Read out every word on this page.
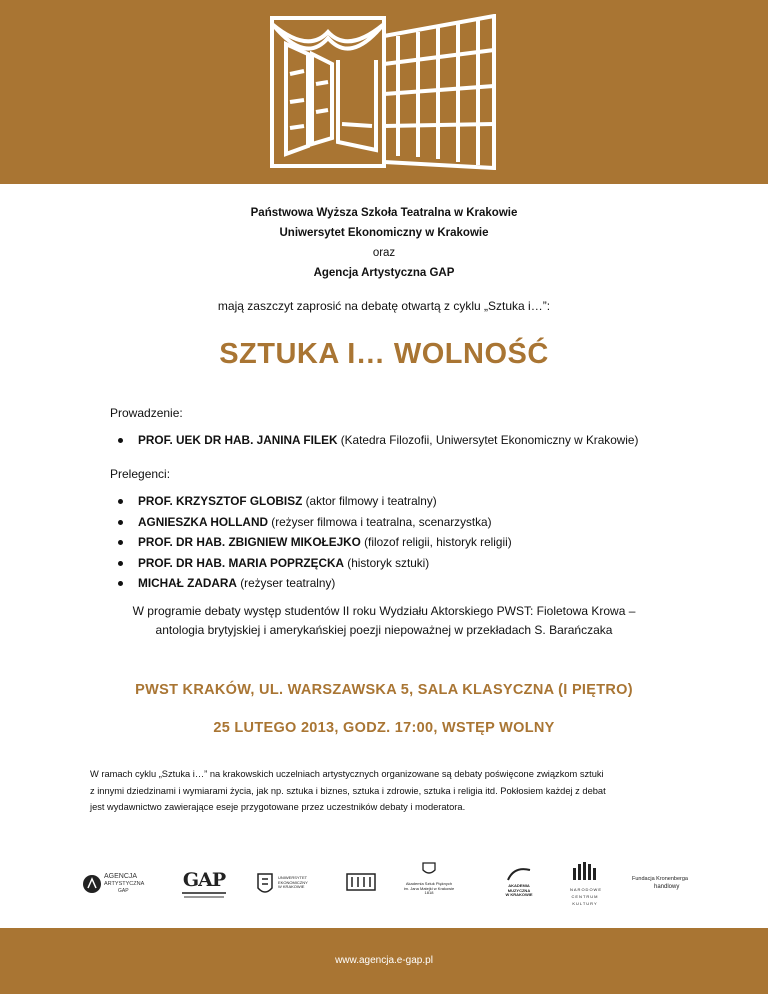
Państwowa Wyższa Szkoła Teatralna w Krakowie
Uniwersytet Ekonomiczny w Krakowie
oraz
Agencja Artystyczna GAP
mają zaszczyt zaprosić na debatę otwartą z cyklu „Sztuka i…”:
SZTUKA I… WOLNOŚĆ
Prowadzenie:
PROF. UEK DR HAB. JANINA FILEK (Katedra Filozofii, Uniwersytet Ekonomiczny w Krakowie)
Prelegenci:
PROF. KRZYSZTOF GLOBISZ (aktor filmowy i teatralny)
AGNIESZKA HOLLAND (reżyser filmowa i teatralna, scenarzystka)
PROF. DR HAB. ZBIGNIEW MIKOŁEJKO (filozof religii, historyk religii)
PROF. DR HAB. MARIA POPRZĘCKA (historyk sztuki)
MICHAŁ ZADARA (reżyser teatralny)
W programie debaty występ studentów II roku Wydziału Aktorskiego PWST: Fioletowa Krowa –
antologia brytyjskiej i amerykańskiej poezji niepoważnej w przekładach S. Barańczaka
PWST KRAKÓW, UL. WARSZAWSKA 5, SALA KLASYCZNA (I PIĘTRO)
25 LUTEGO 2013, GODZ. 17:00, WSTĘP WOLNY
W ramach cyklu „Sztuka i…” na krakowskich uczelniach artystycznych organizowane są debaty poświęcone związkom sztuki
z innymi dziedzinami i wymiarami życia, jak np. sztuka i biznes, sztuka i zdrowie, sztuka i religia itd. Pokłosiem każdej z debat
jest wydawnictwo zawierające eseje przygotowane przez uczestników debaty i moderatora.
AGENCJA
ARTYSTYCZNA
GAP	GAP	UNIWERSYTET
EKONOMICZNY
W KRAKOWIE
Akademia Sztuk Pięknych
im. Jana Matejki w Krakowie
1818
AKADEMIA
MUZYCZNA
W KRAKOWIE
NARODOWE
CENTRUM
KULTURY
Fundacja Kronenberga
handlowy
www.agencja.e-gap.pl
